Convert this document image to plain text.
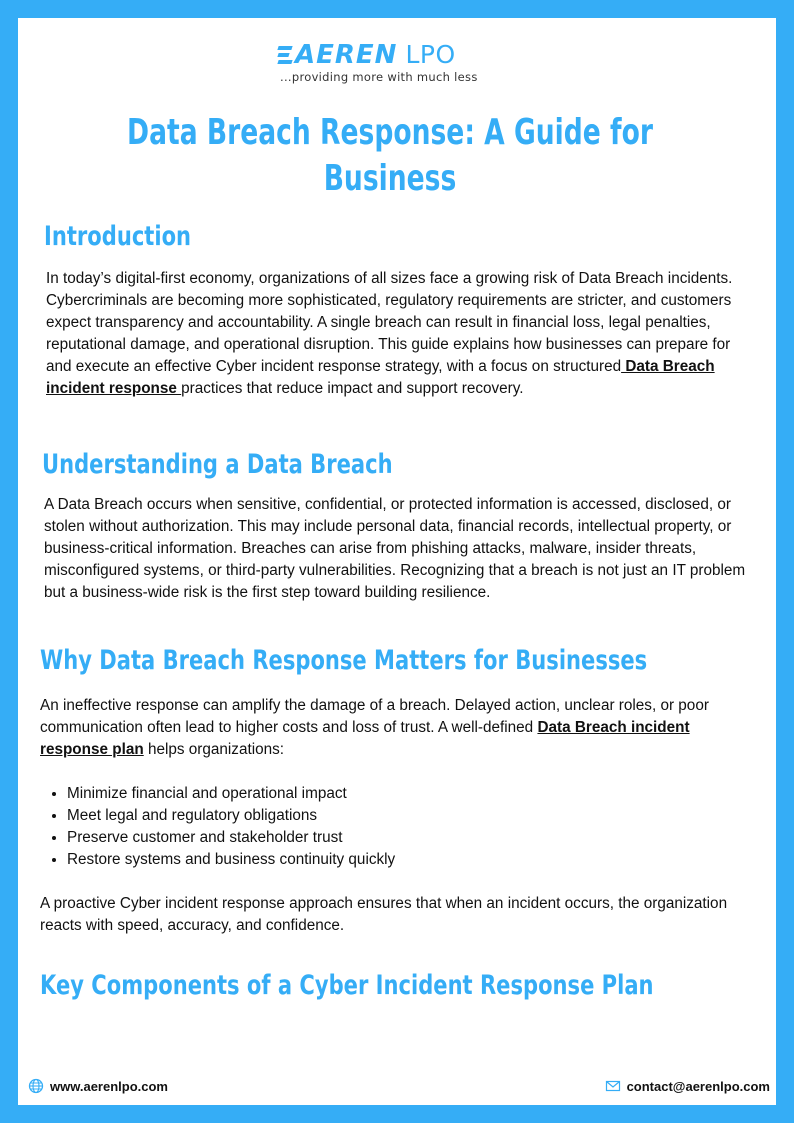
AEREN LPO
...providing more with much less
Data Breach Response: A Guide for Business
Introduction

In today’s digital-first economy, organizations of all sizes face a growing risk of Data Breach incidents. Cybercriminals are becoming more sophisticated, regulatory requirements are stricter, and customers expect transparency and accountability. A single breach can result in financial loss, legal penalties, reputational damage, and operational disruption. This guide explains how businesses can prepare for and execute an effective Cyber incident response strategy, with a focus on structured Data Breach incident response practices that reduce impact and support recovery.

Understanding a Data Breach

A Data Breach occurs when sensitive, confidential, or protected information is accessed, disclosed, or stolen without authorization. This may include personal data, financial records, intellectual property, or business-critical information. Breaches can arise from phishing attacks, malware, insider threats, misconfigured systems, or third-party vulnerabilities. Recognizing that a breach is not just an IT problem but a business-wide risk is the first step toward building resilience.

Why Data Breach Response Matters for Businesses

An ineffective response can amplify the damage of a breach. Delayed action, unclear roles, or poor communication often lead to higher costs and loss of trust. A well-defined Data Breach incident response plan helps organizations:

• Minimize financial and operational impact
• Meet legal and regulatory obligations
• Preserve customer and stakeholder trust
• Restore systems and business continuity quickly

A proactive Cyber incident response approach ensures that when an incident occurs, the organization reacts with speed, accuracy, and confidence.

Key Components of a Cyber Incident Response Plan
www.aerenlpo.com	contact@aerenlpo.com
